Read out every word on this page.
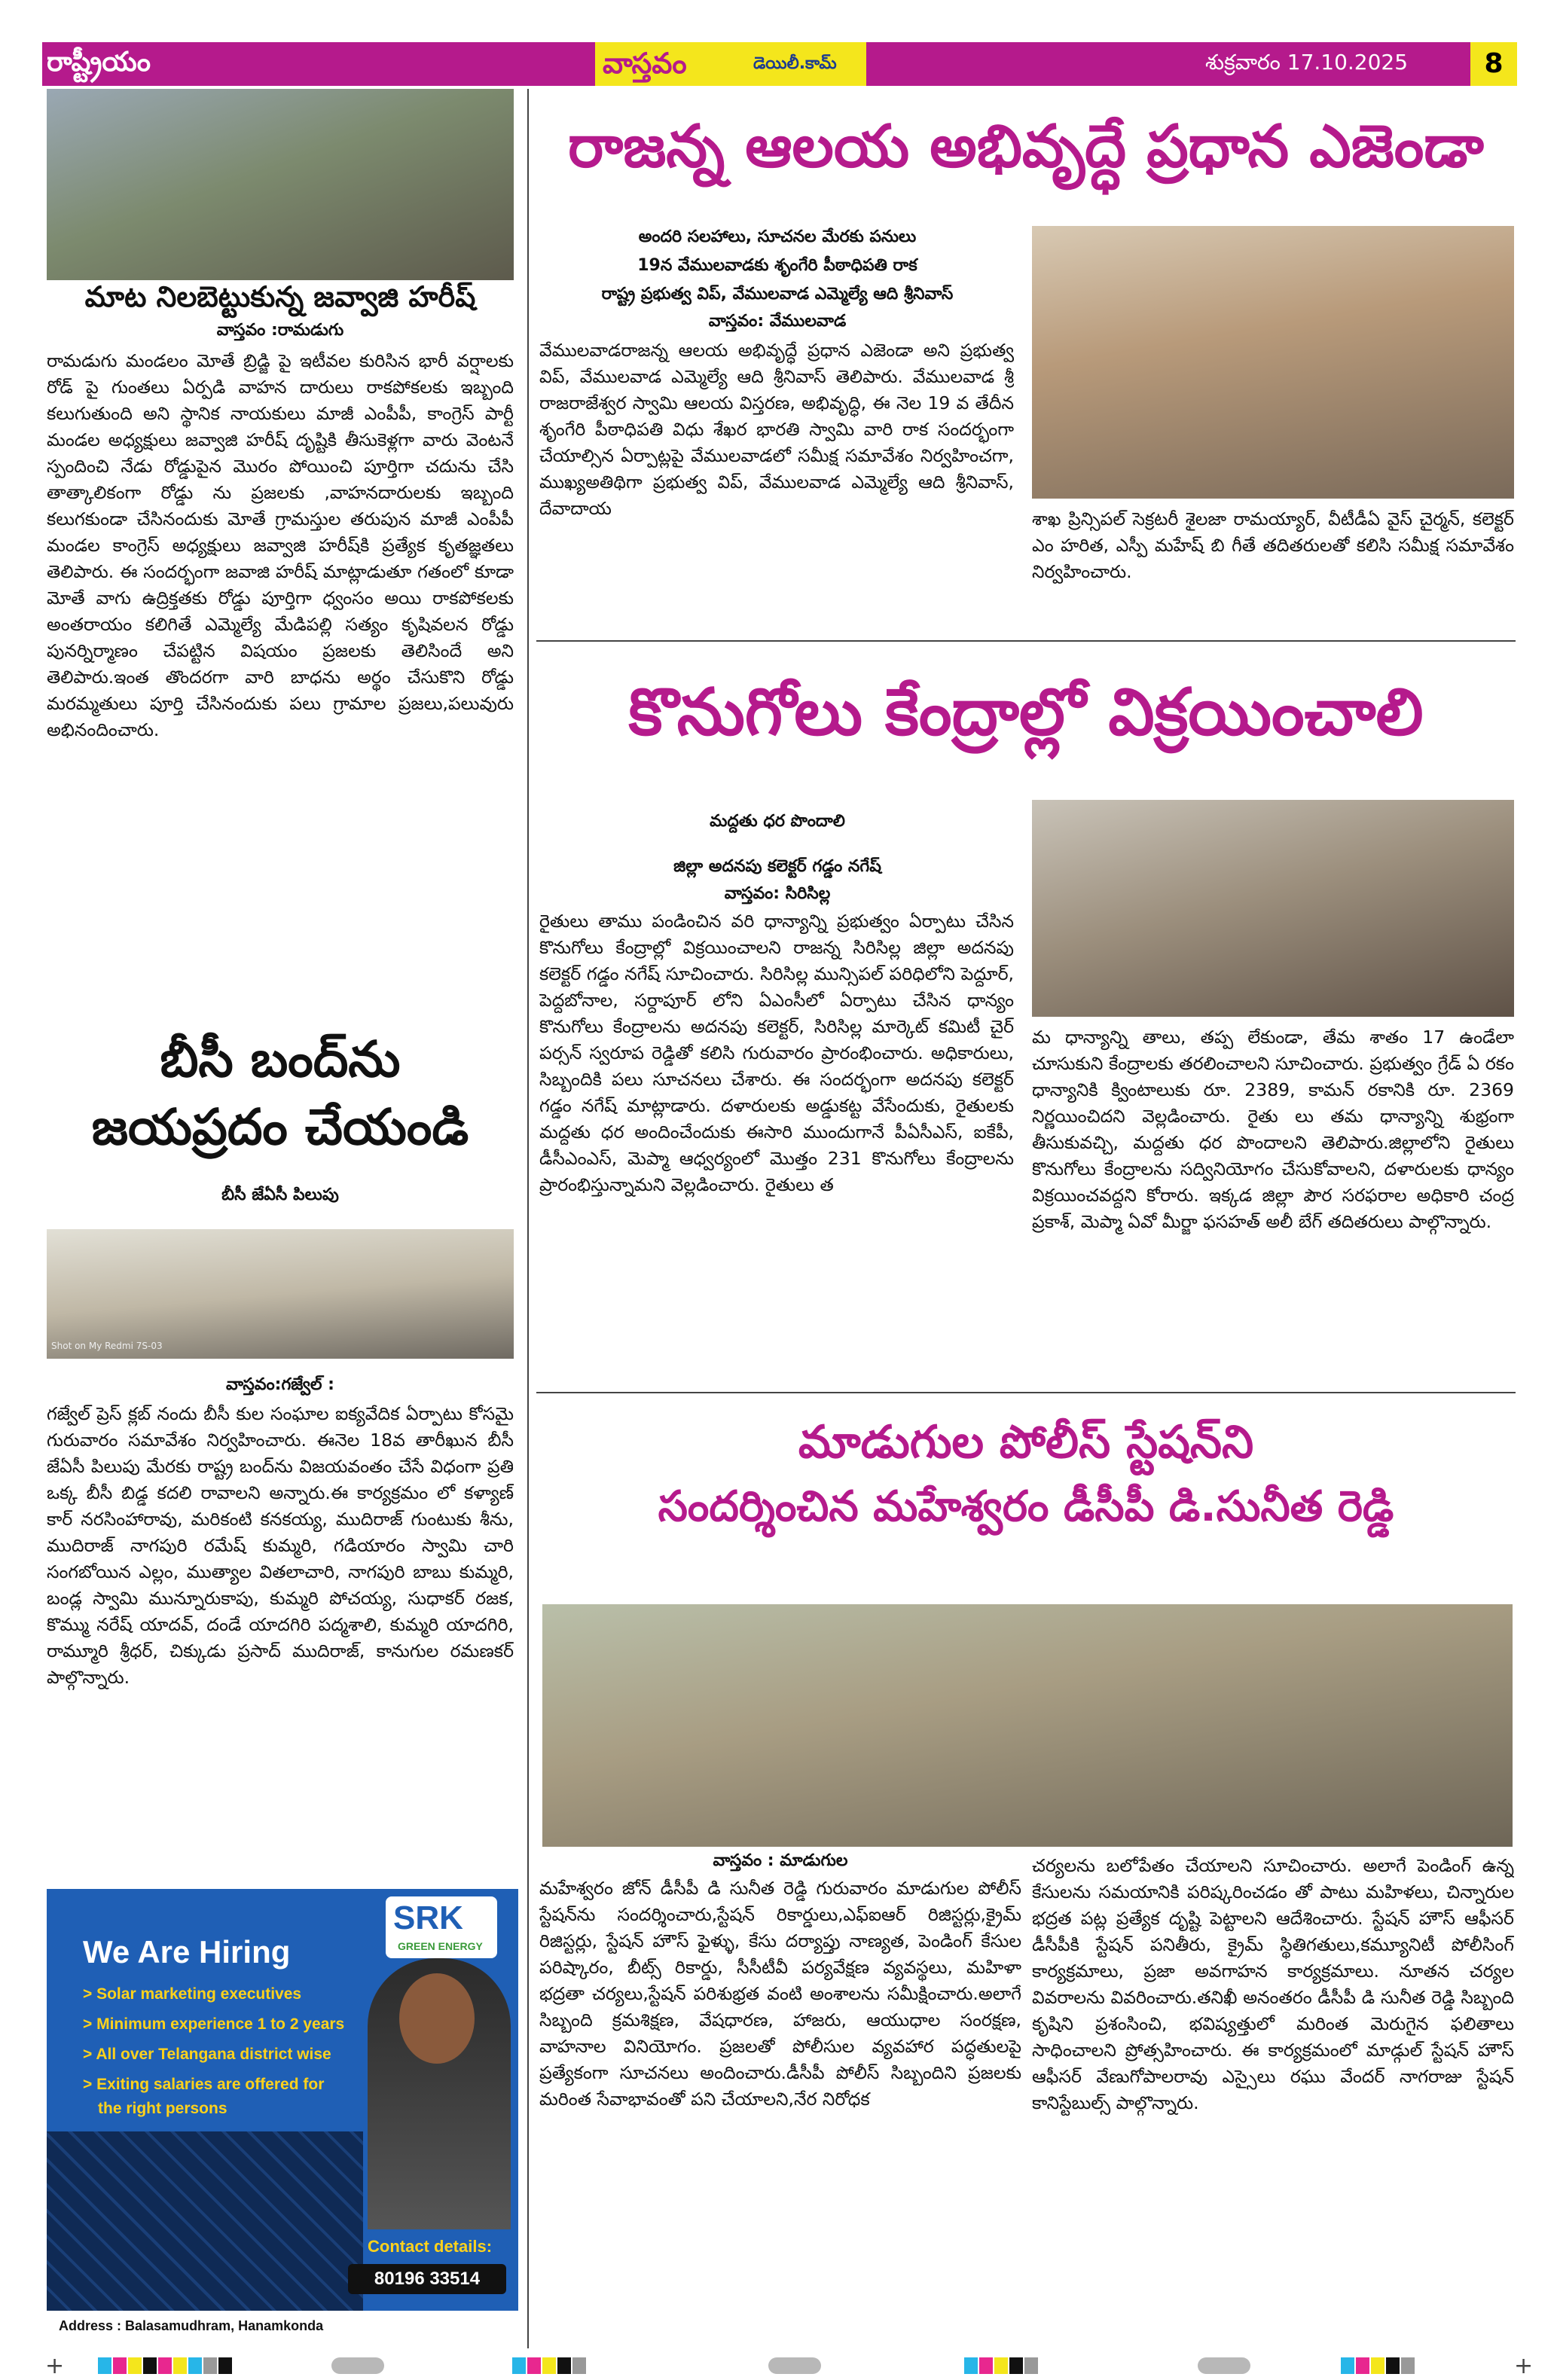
రాష్ట్రీయం	వాస్తవం	డెయిలీ.కామ్	శుక్రవారం 17.10.2025	8
మాట నిలబెట్టుకున్న జవ్వాజి హరీష్
వాస్తవం :రామడుగు
రామడుగు మండలం మోతే బ్రిడ్జి పై ఇటీవల కురిసిన భారీ వర్షాలకు రోడ్ పై గుంతలు ఏర్పడి వాహన దారులు రాకపోకలకు ఇబ్బంది కలుగుతుంది అని స్థానిక నాయకులు మాజీ ఎంపీపీ, కాంగ్రెస్ పార్టీ మండల అధ్యక్షులు జవ్వాజి హరీష్ దృష్టికి తీసుకెళ్లగా వారు వెంటనే స్పందించి నేడు రోడ్డుపైన మొరం పోయించి పూర్తిగా చదును చేసి తాత్కాలికంగా రోడ్డు ను ప్రజలకు ,వాహనదారులకు ఇబ్బంది కలుగకుండా చేసినందుకు మోతే గ్రామస్తుల తరుపున మాజీ ఎంపీపీ మండల కాంగ్రెస్ అధ్యక్షులు జవ్వాజి హరీష్‌కి ప్రత్యేక కృతజ్ఞతలు తెలిపారు. ఈ సందర్భంగా జవాజి హరీష్ మాట్లాడుతూ గతంలో కూడా మోతే వాగు ఉద్రిక్తతకు రోడ్డు పూర్తిగా ధ్వంసం అయి రాకపోకలకు అంతరాయం కలిగితే ఎమ్మెల్యే మేడిపల్లి సత్యం కృషివలన రోడ్డు పునర్నిర్మాణం చేపట్టిన విషయం ప్రజలకు తెలిసిందే అని తెలిపారు.ఇంత తొందరగా వారి బాధను అర్థం చేసుకొని రోడ్డు మరమ్మతులు పూర్తి చేసినందుకు పలు గ్రామాల ప్రజలు,పలువురు అభినందించారు.
రాజన్న ఆలయ అభివృద్ధే ప్రధాన ఎజెండా
అందరి సలహాలు, సూచనల మేరకు పనులు
19న వేములవాడకు శృంగేరి పీఠాధిపతి రాక
రాష్ట్ర ప్రభుత్వ విప్, వేములవాడ ఎమ్మెల్యే ఆది శ్రీనివాస్
వాస్తవం: వేములవాడ
వేములవాడరాజన్న ఆలయ అభివృద్ధే ప్రధాన ఎజెండా అని ప్రభుత్వ విప్, వేములవాడ ఎమ్మెల్యే ఆది శ్రీనివాస్ తెలిపారు. వేములవాడ శ్రీ రాజరాజేశ్వర స్వామి ఆలయ విస్తరణ, అభివృద్ధి, ఈ నెల 19 వ తేదీన శృంగేరి పీఠాధిపతి విధు శేఖర భారతి స్వామి వారి రాక సందర్భంగా చేయాల్సిన ఏర్పాట్లపై వేములవాడలో సమీక్ష సమావేశం నిర్వహించగా, ముఖ్యఅతిథిగా ప్రభుత్వ విప్, వేములవాడ ఎమ్మెల్యే ఆది శ్రీనివాస్, దేవాదాయ	శాఖ ప్రిన్సిపల్ సెక్రటరీ శైలజా రామయ్యార్, వీటీడీఏ వైస్ చైర్మన్, కలెక్టర్ ఎం హరిత, ఎస్పీ మహేష్ బి గీతే తదితరులతో కలిసి సమీక్ష సమావేశం నిర్వహించారు.
కొనుగోలు కేంద్రాల్లో విక్రయించాలి
మద్దతు ధర పొందాలి
జిల్లా అదనపు కలెక్టర్ గడ్డం నగేష్
వాస్తవం: సిరిసిల్ల
రైతులు తాము పండించిన వరి ధాన్యాన్ని ప్రభుత్వం ఏర్పాటు చేసిన కొనుగోలు కేంద్రాల్లో విక్రయించాలని రాజన్న సిరిసిల్ల జిల్లా అదనపు కలెక్టర్ గడ్డం నగేష్ సూచించారు. సిరిసిల్ల మున్సిపల్ పరిధిలోని పెద్దూర్, పెద్దబోనాల, సర్దాపూర్ లోని ఏఎంసీలో ఏర్పాటు చేసిన ధాన్యం కొనుగోలు కేంద్రాలను అదనపు కలెక్టర్, సిరిసిల్ల మార్కెట్ కమిటీ చైర్ పర్సన్ స్వరూప రెడ్డితో కలిసి గురువారం ప్రారంభించారు. అధికారులు, సిబ్బందికి పలు సూచనలు చేశారు. ఈ సందర్భంగా అదనపు కలెక్టర్ గడ్డం నగేష్ మాట్లాడారు. దళారులకు అడ్డుకట్ట వేసేందుకు, రైతులకు మద్దతు ధర అందించేందుకు ఈసారి ముందుగానే పీఏసీఎస్, ఐకేపీ, డీసీఎంఎస్, మెప్మా ఆధ్వర్యంలో మొత్తం 231 కొనుగోలు కేంద్రాలను ప్రారంభిస్తున్నామని వెల్లడించారు. రైతులు త
మ ధాన్యాన్ని తాలు, తప్ప లేకుండా, తేమ శాతం 17 ఉండేలా చూసుకుని కేంద్రాలకు తరలించాలని సూచించారు. ప్రభుత్వం గ్రేడ్ ఏ రకం ధాన్యానికి క్వింటాలుకు రూ. 2389, కామన్ రకానికి రూ. 2369 నిర్ణయించిదని వెల్లడించారు. రైతు లు తమ ధాన్యాన్ని శుభ్రంగా తీసుకువచ్చి, మద్దతు ధర పొందాలని తెలిపారు.జిల్లాలోని రైతులు కొనుగోలు కేంద్రాలను సద్వినియోగం చేసుకోవాలని, దళారులకు ధాన్యం విక్రయించవద్దని కోరారు. ఇక్కడ జిల్లా పౌర సరఫరాల అధికారి చంద్ర ప్రకాశ్, మెప్మా ఏవో మీర్జా ఫసహత్ అలీ బేగ్ తదితరులు పాల్గొన్నారు.
బీసీ బంద్‌ను
జయప్రదం చేయండి
బీసీ జేఏసీ పిలుపు
Shot on My Redmi 7S-03
వాస్తవం:గజ్వేల్ :
గజ్వేల్ ప్రెస్ క్లబ్ నందు బీసీ కుల సంఘాల ఐక్యవేదిక ఏర్పాటు కోసమై గురువారం సమావేశం నిర్వహించారు. ఈనెల 18వ తారీఖున బీసీ జేఏసీ పిలుపు మేరకు రాష్ట్ర బంద్‌ను విజయవంతం చేసే విధంగా ప్రతి ఒక్క బీసీ బిడ్డ కదలి రావాలని అన్నారు.ఈ కార్యక్రమం లో కళ్యాణ్ కార్ నరసింహారావు, మరికంటి కనకయ్య, ముదిరాజ్ గుంటుకు శీను, ముదిరాజ్ నాగపురి రమేష్ కుమ్మరి, గడియారం స్వామి చారి సంగబోయిన ఎల్లం, ముత్యాల వితలాచారి, నాగపురి బాబు కుమ్మరి, బండ్ల స్వామి మున్నూరుకాపు, కుమ్మరి పోచయ్య, సుధాకర్ రజక, కొమ్ము నరేష్ యాదవ్, దండే యాదగిరి పద్మశాలి, కుమ్మరి యాదగిరి, రామ్మూరి శ్రీధర్, చిక్కుడు ప్రసాద్ ముదిరాజ్, కానుగుల రమణకర్ పాల్గొన్నారు.
మాడుగుల పోలీస్ స్టేషన్‌ని
సందర్శించిన మహేశ్వరం డీసీపీ డి.సునీత రెడ్డి
వాస్తవం : మాడుగుల
మహేశ్వరం జోన్ డీసీపీ డి సునీత రెడ్డి గురువారం మాడుగుల పోలీస్ స్టేషన్‌ను సందర్శించారు,స్టేషన్ రికార్డులు,ఎఫ్ఐఆర్ రిజిస్టర్లు,క్రైమ్ రిజిస్టర్లు, స్టేషన్ హౌస్ ఫైళ్ళు, కేసు దర్యాప్తు నాణ్యత, పెండింగ్ కేసుల పరిష్కారం, బీట్స్ రికార్డు, సీసీటీవీ పర్యవేక్షణ వ్యవస్థలు, మహిళా భద్రతా చర్యలు,స్టేషన్ పరిశుభ్రత వంటి అంశాలను సమీక్షించారు.అలాగే సిబ్బంది క్రమశిక్షణ, వేషధారణ, హాజరు, ఆయుధాల సంరక్షణ, వాహనాల వినియోగం. ప్రజలతో పోలీసుల వ్యవహార పద్ధతులపై ప్రత్యేకంగా సూచనలు అందించారు.డీసీపీ పోలీస్ సిబ్బందిని ప్రజలకు మరింత సేవాభావంతో పని చేయాలని,నేర నిరోధక
చర్యలను బలోపేతం చేయాలని సూచించారు. అలాగే పెండింగ్ ఉన్న కేసులను సమయానికి పరిష్కరించడం తో పాటు మహిళలు, చిన్నారుల భద్రత పట్ల ప్రత్యేక దృష్టి పెట్టాలని ఆదేశించారు. స్టేషన్ హౌస్ ఆఫీసర్ డీసీపీకి స్టేషన్ పనితీరు, క్రైమ్ స్థితిగతులు,కమ్యూనిటీ పోలీసింగ్ కార్యక్రమాలు, ప్రజా అవగాహన కార్యక్రమాలు. నూతన చర్యల వివరాలను వివరించారు.తనిఖీ అనంతరం డీసీపీ డి సునీత రెడ్డి సిబ్బంది కృషిని ప్రశంసించి, భవిష్యత్తులో మరింత మెరుగైన ఫలితాలు సాధించాలని ప్రోత్సహించారు. ఈ కార్యక్రమంలో మాడ్గుల్ స్టేషన్ హౌస్ ఆఫీసర్ వేణుగోపాలరావు ఎస్సైలు రఘు వేందర్ నాగరాజు స్టేషన్ కానిస్టేబుల్స్ పాల్గొన్నారు.
SRK
GREEN ENERGY
We Are Hiring
> Solar marketing executives
> Minimum experience 1 to 2 years
> All over Telangana district wise
> Exiting salaries are offered for
the right persons
Contact details:
80196 33514
Address : Balasamudhram, Hanamkonda
+	+
